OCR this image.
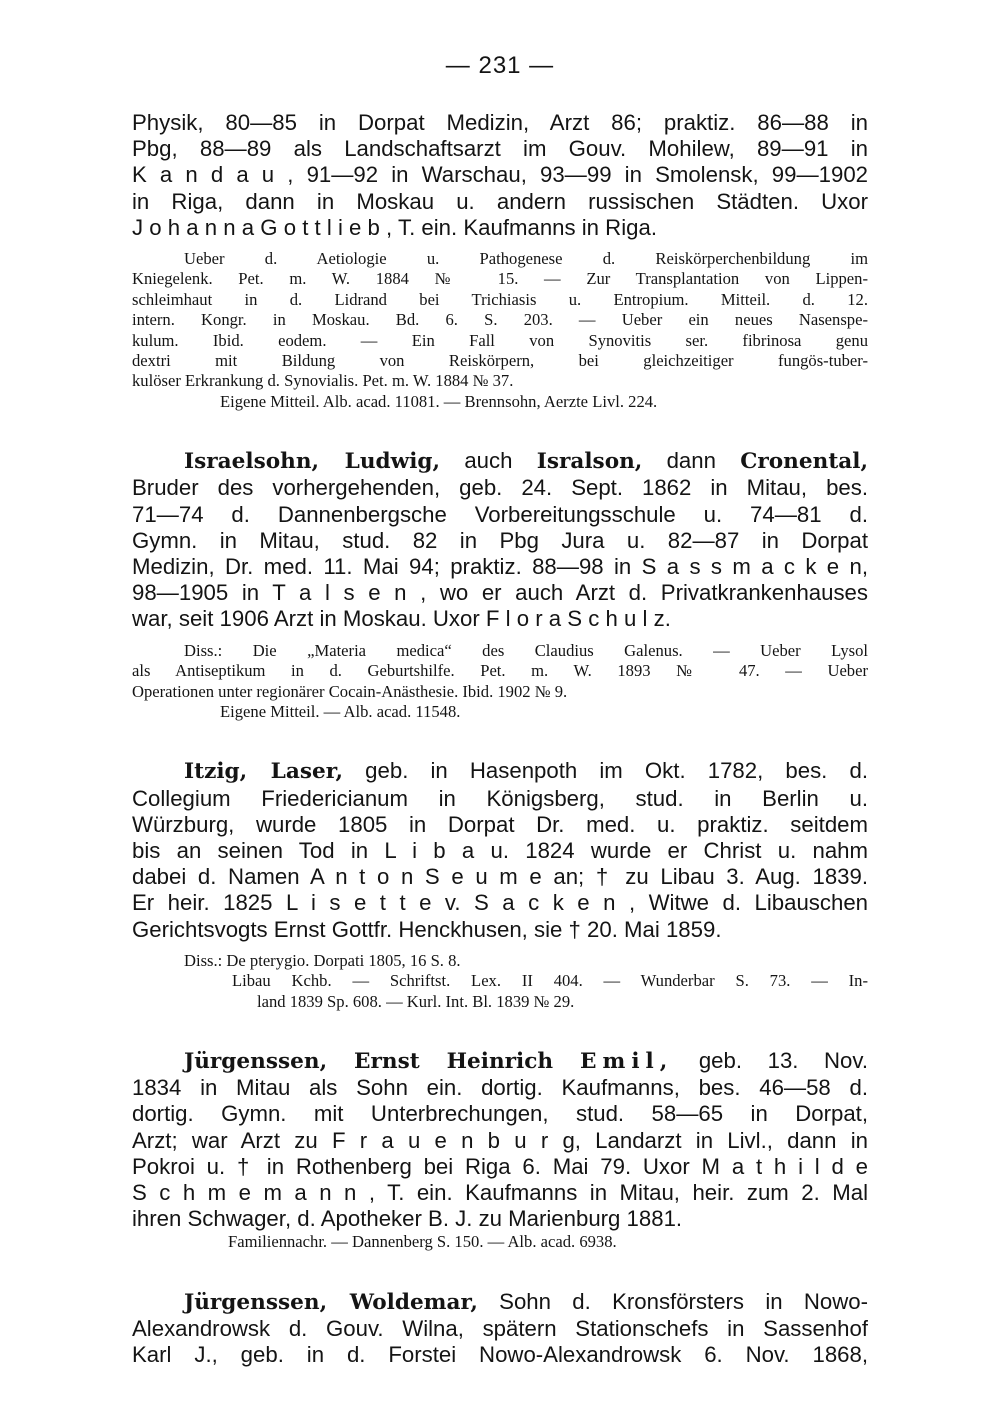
— 231 —
Physik, 80—85 in Dorpat Medizin, Arzt 86; praktiz. 86—88 in
Pbg, 88—89 als Landschaftsarzt im Gouv. Mohilew, 89—91 in
K a n d a u , 91—92 in Warschau, 93—99 in Smolensk, 99—1902
in Riga, dann in Moskau u. andern russischen Städten. Uxor
J o h a n n a G o t t l i e b , T. ein. Kaufmanns in Riga.
Ueber d. Aetiologie u. Pathogenese d. Reiskörperchenbildung im
Kniegelenk. Pet. m. W. 1884 № 15. — Zur Transplantation von Lippen-
schleimhaut in d. Lidrand bei Trichiasis u. Entropium. Mitteil. d. 12.
intern. Kongr. in Moskau. Bd. 6. S. 203. — Ueber ein neues Nasenspe-
kulum. Ibid. eodem. — Ein Fall von Synovitis ser. fibrinosa genu
dextri mit Bildung von Reiskörpern, bei gleichzeitiger fungös-tuber-
kulöser Erkrankung d. Synovialis. Pet. m. W. 1884 № 37.
Eigene Mitteil. Alb. acad. 11081. — Brennsohn, Aerzte Livl. 224.
Israelsohn, Ludwig, auch Isralson, dann Cronental,
Bruder des vorhergehenden, geb. 24. Sept. 1862 in Mitau, bes.
71—74 d. Dannenbergsche Vorbereitungsschule u. 74—81 d.
Gymn. in Mitau, stud. 82 in Pbg Jura u. 82—87 in Dorpat
Medizin, Dr. med. 11. Mai 94; praktiz. 88—98 in S a s s m a c k e n,
98—1905 in T a l s e n , wo er auch Arzt d. Privatkrankenhauses
war, seit 1906 Arzt in Moskau. Uxor F l o r a S c h u l z.
Diss.: Die „Materia medica“ des Claudius Galenus. — Ueber Lysol
als Antiseptikum in d. Geburtshilfe. Pet. m. W. 1893 № 47. — Ueber
Operationen unter regionärer Cocain-Anästhesie. Ibid. 1902 № 9.
Eigene Mitteil. — Alb. acad. 11548.
Itzig, Laser, geb. in Hasenpoth im Okt. 1782, bes. d.
Collegium Friedericianum in Königsberg, stud. in Berlin u.
Würzburg, wurde 1805 in Dorpat Dr. med. u. praktiz. seitdem
bis an seinen Tod in L i b a u. 1824 wurde er Christ u. nahm
dabei d. Namen A n t o n S e u m e an; † zu Libau 3. Aug. 1839.
Er heir. 1825 L i s e t t e v. S a c k e n , Witwe d. Libauschen
Gerichtsvogts Ernst Gottfr. Henckhusen, sie † 20. Mai 1859.
Diss.: De pterygio. Dorpati 1805, 16 S. 8.
Libau Kchb. — Schriftst. Lex. II 404. — Wunderbar S. 73. — In-
land 1839 Sp. 608. — Kurl. Int. Bl. 1839 № 29.
Jürgenssen, Ernst Heinrich Emil, geb. 13. Nov.
1834 in Mitau als Sohn ein. dortig. Kaufmanns, bes. 46—58 d.
dortig. Gymn. mit Unterbrechungen, stud. 58—65 in Dorpat,
Arzt; war Arzt zu F r a u e n b u r g, Landarzt in Livl., dann in
Pokroi u. † in Rothenberg bei Riga 6. Mai 79. Uxor M a t h i l d e
S c h m e m a n n , T. ein. Kaufmanns in Mitau, heir. zum 2. Mal
ihren Schwager, d. Apotheker B. J. zu Marienburg 1881.
Familiennachr. — Dannenberg S. 150. — Alb. acad. 6938.
Jürgenssen, Woldemar, Sohn d. Kronsförsters in Nowo-
Alexandrowsk d. Gouv. Wilna, spätern Stationschefs in Sassenhof
Karl J., geb. in d. Forstei Nowo-Alexandrowsk 6. Nov. 1868,
